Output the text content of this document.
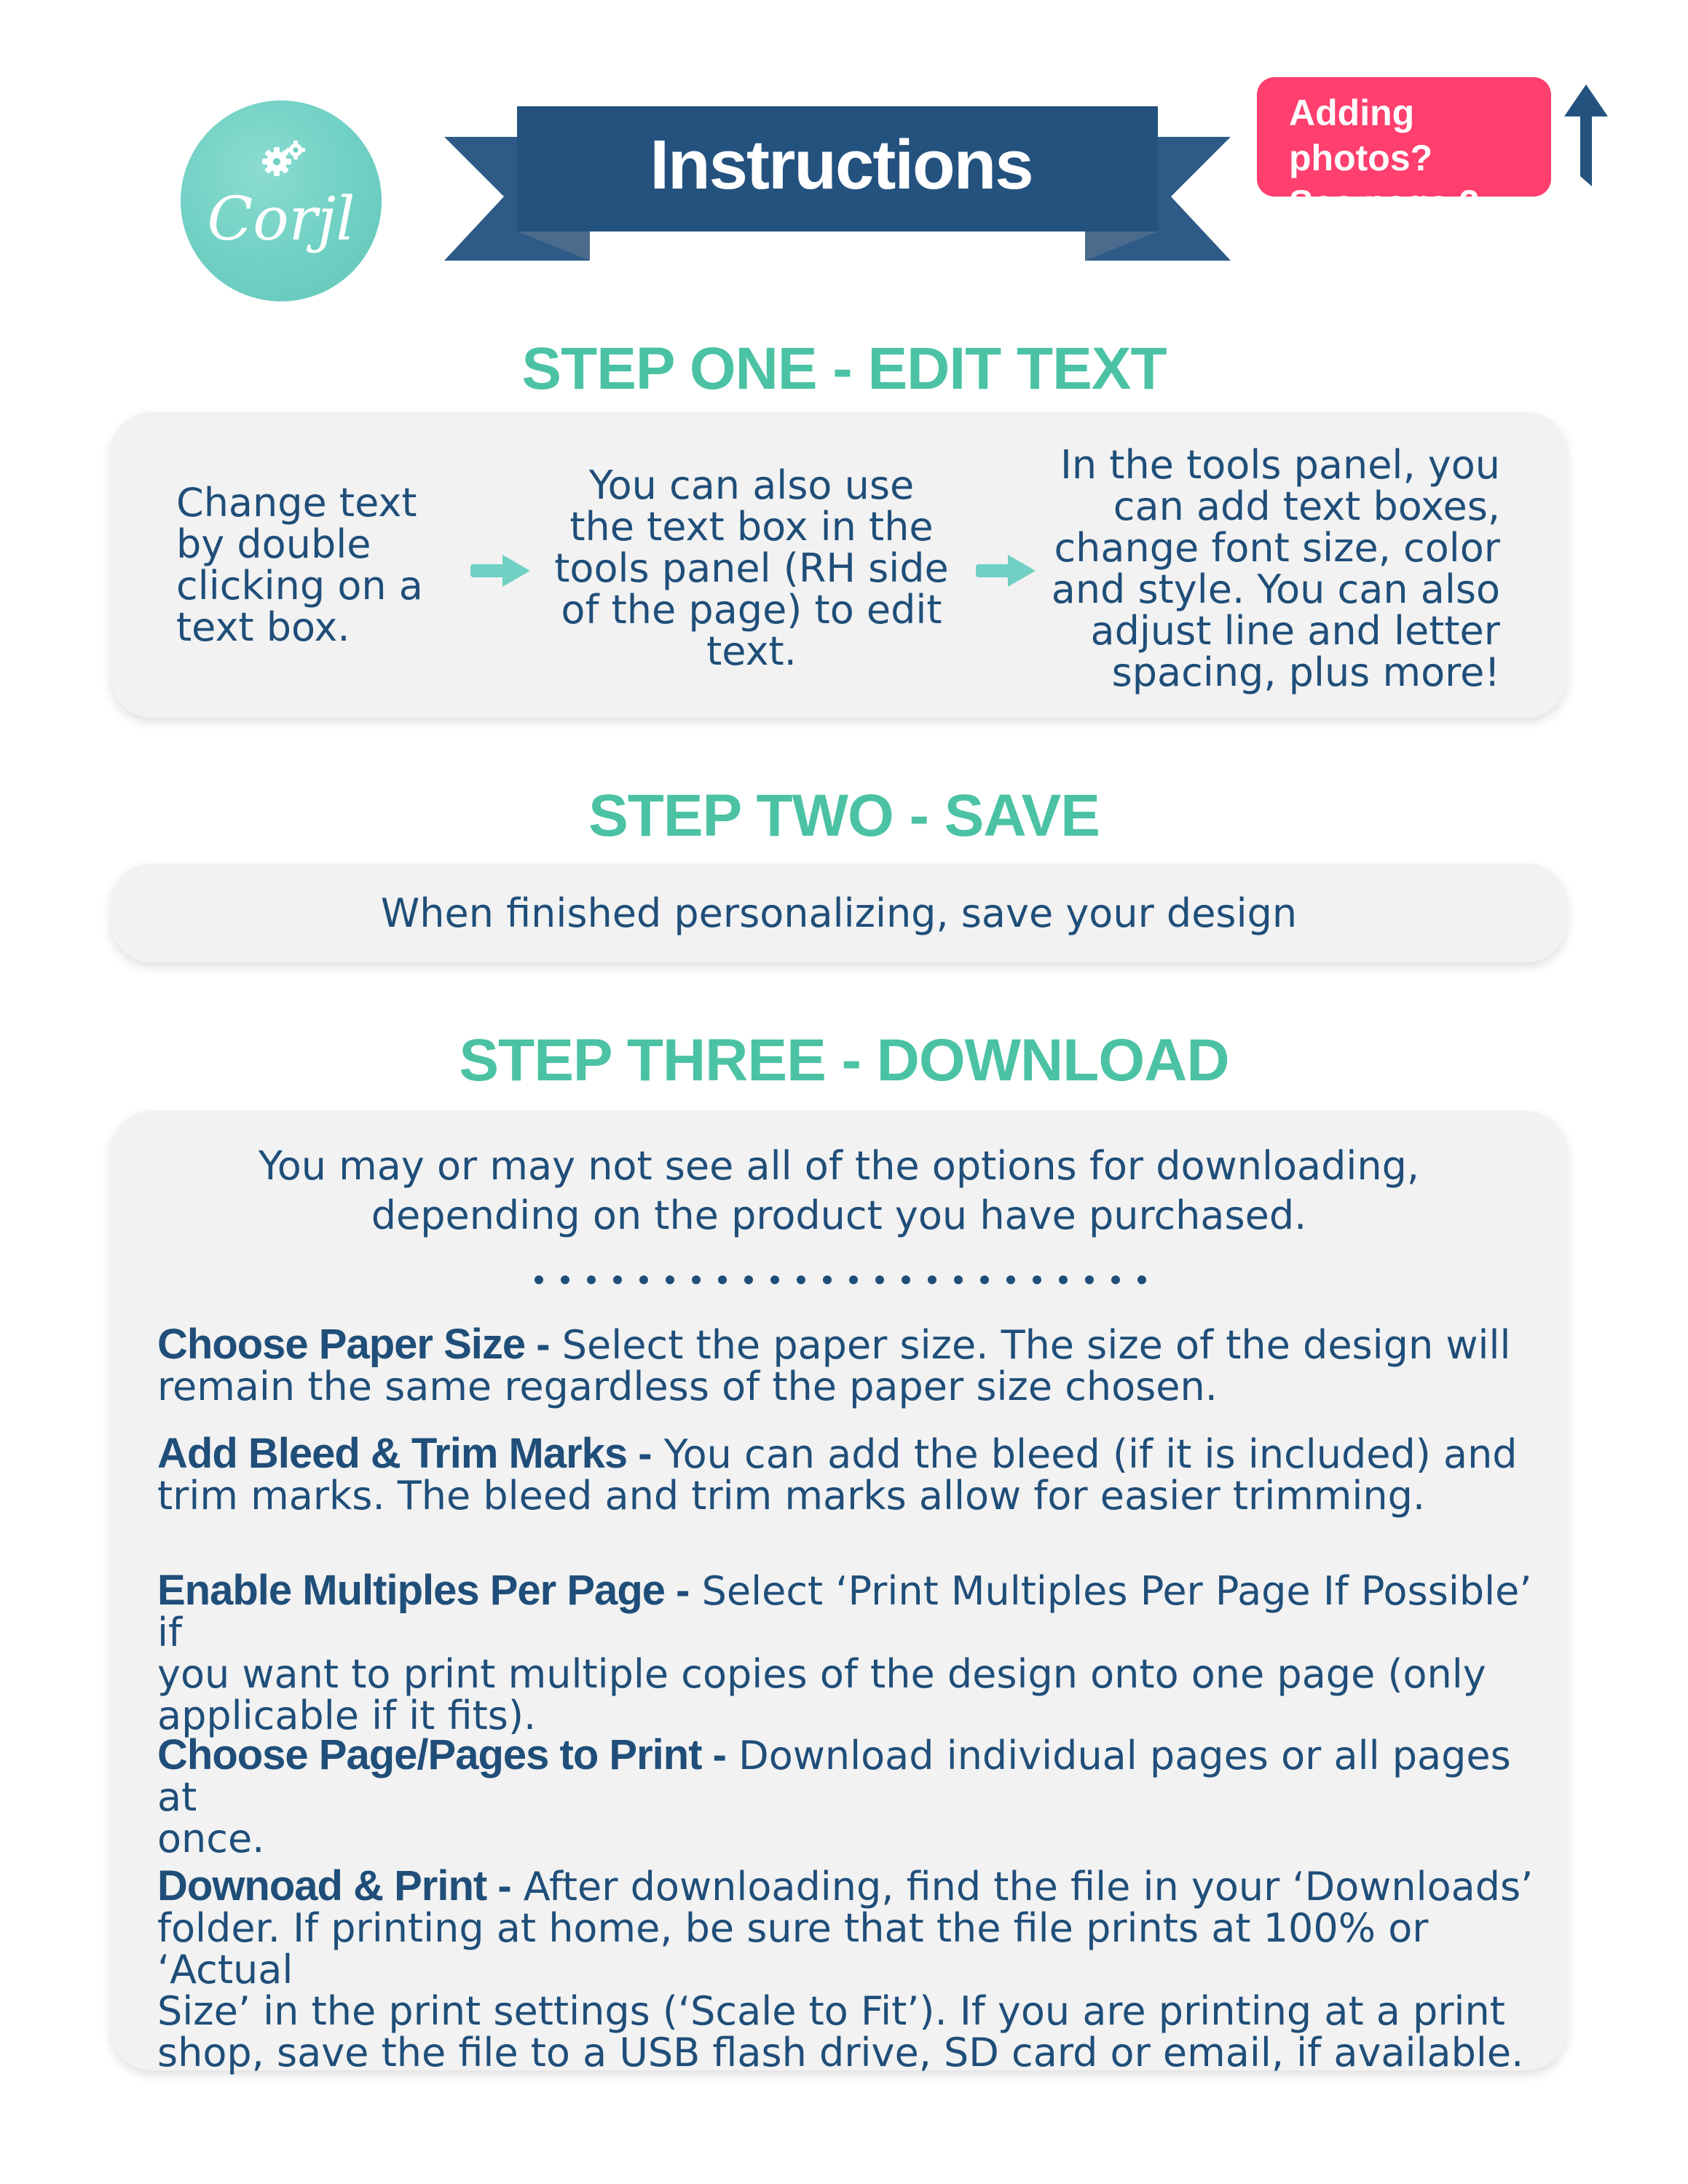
Corjl
Instructions
Adding photos?
See page 2.
STEP ONE - EDIT TEXT
Change text
by double
clicking on a
text box.
You can also use
the text box in the
tools panel (RH side
of the page) to edit
text.
In the tools panel, you
can add text boxes,
change font size, color
and style. You can also
adjust line and letter
spacing, plus more!
STEP TWO - SAVE
When finished personalizing, save your design
STEP THREE - DOWNLOAD
You may or may not see all of the options for downloading,
depending on the product you have purchased.
Choose Paper Size - Select the paper size. The size of the design will
remain the same regardless of the paper size chosen.
Add Bleed & Trim Marks - You can add the bleed (if it is included) and
trim marks. The bleed and trim marks allow for easier trimming.
Enable Multiples Per Page - Select ‘Print Multiples Per Page If Possible’ if
you want to print multiple copies of the design onto one page (only
applicable if it fits).
Choose Page/Pages to Print - Download individual pages or all pages at
once.
Downoad & Print - After downloading, find the file in your ‘Downloads’
folder. If printing at home, be sure that the file prints at 100% or ‘Actual
Size’ in the print settings (‘Scale to Fit’). If you are printing at a print
shop, save the file to a USB flash drive, SD card or email, if available.
